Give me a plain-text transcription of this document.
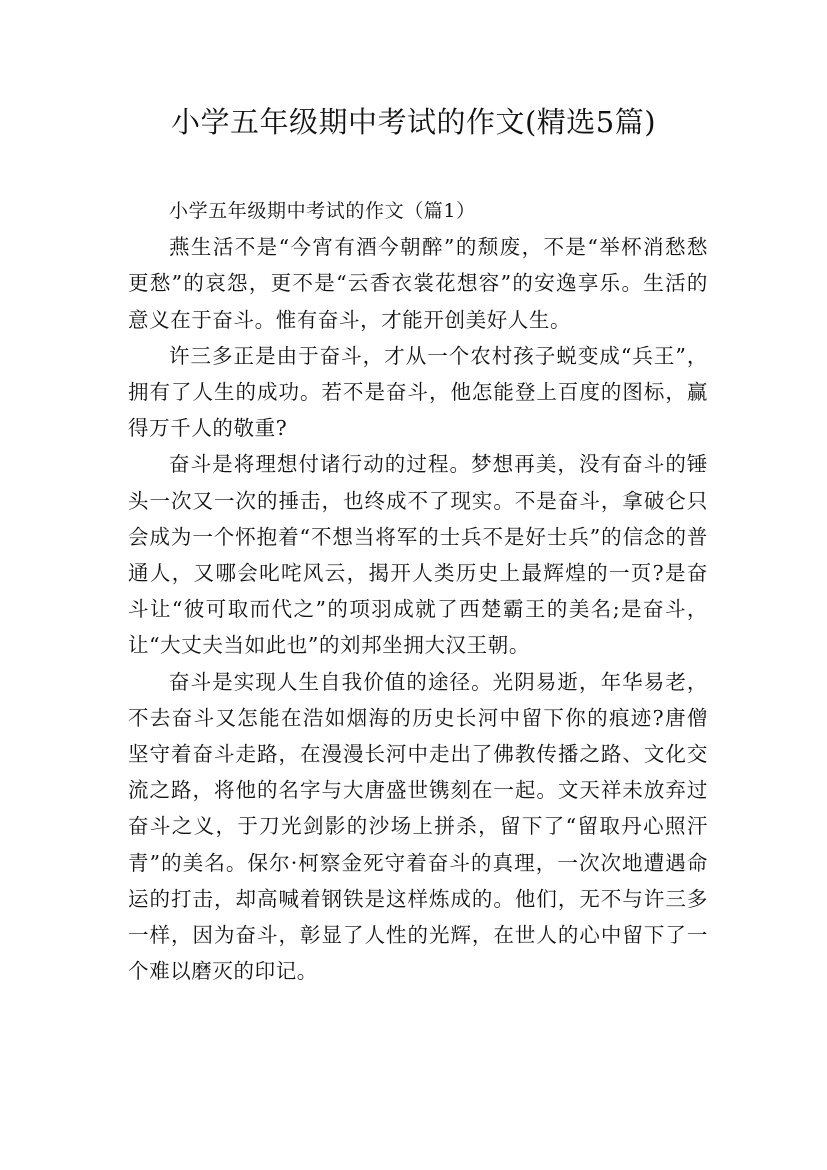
小学五年级期中考试的作文(精选5篇)
小学五年级期中考试的作文（篇1）

燕生活不是“今宵有酒今朝醉”的颓废，不是“举杯消愁愁更愁”的哀怨，更不是“云香衣裳花想容”的安逸享乐。生活的意义在于奋斗。惟有奋斗，才能开创美好人生。

许三多正是由于奋斗，才从一个农村孩子蜕变成“兵王”，拥有了人生的成功。若不是奋斗，他怎能登上百度的图标，赢得万千人的敬重?

奋斗是将理想付诸行动的过程。梦想再美，没有奋斗的锤头一次又一次的捶击，也终成不了现实。不是奋斗，拿破仑只会成为一个怀抱着“不想当将军的士兵不是好士兵”的信念的普通人，又哪会叱咤风云，揭开人类历史上最辉煌的一页?是奋斗让“彼可取而代之”的项羽成就了西楚霸王的美名;是奋斗，让“大丈夫当如此也”的刘邦坐拥大汉王朝。

奋斗是实现人生自我价值的途径。光阴易逝，年华易老，不去奋斗又怎能在浩如烟海的历史长河中留下你的痕迹?唐僧坚守着奋斗走路，在漫漫长河中走出了佛教传播之路、文化交流之路，将他的名字与大唐盛世镌刻在一起。文天祥未放弃过奋斗之义，于刀光剑影的沙场上拼杀，留下了“留取丹心照汗青”的美名。保尔·柯察金死守着奋斗的真理，一次次地遭遇命运的打击，却高喊着钢铁是这样炼成的。他们，无不与许三多一样，因为奋斗，彰显了人性的光辉，在世人的心中留下了一个难以磨灭的印记。
